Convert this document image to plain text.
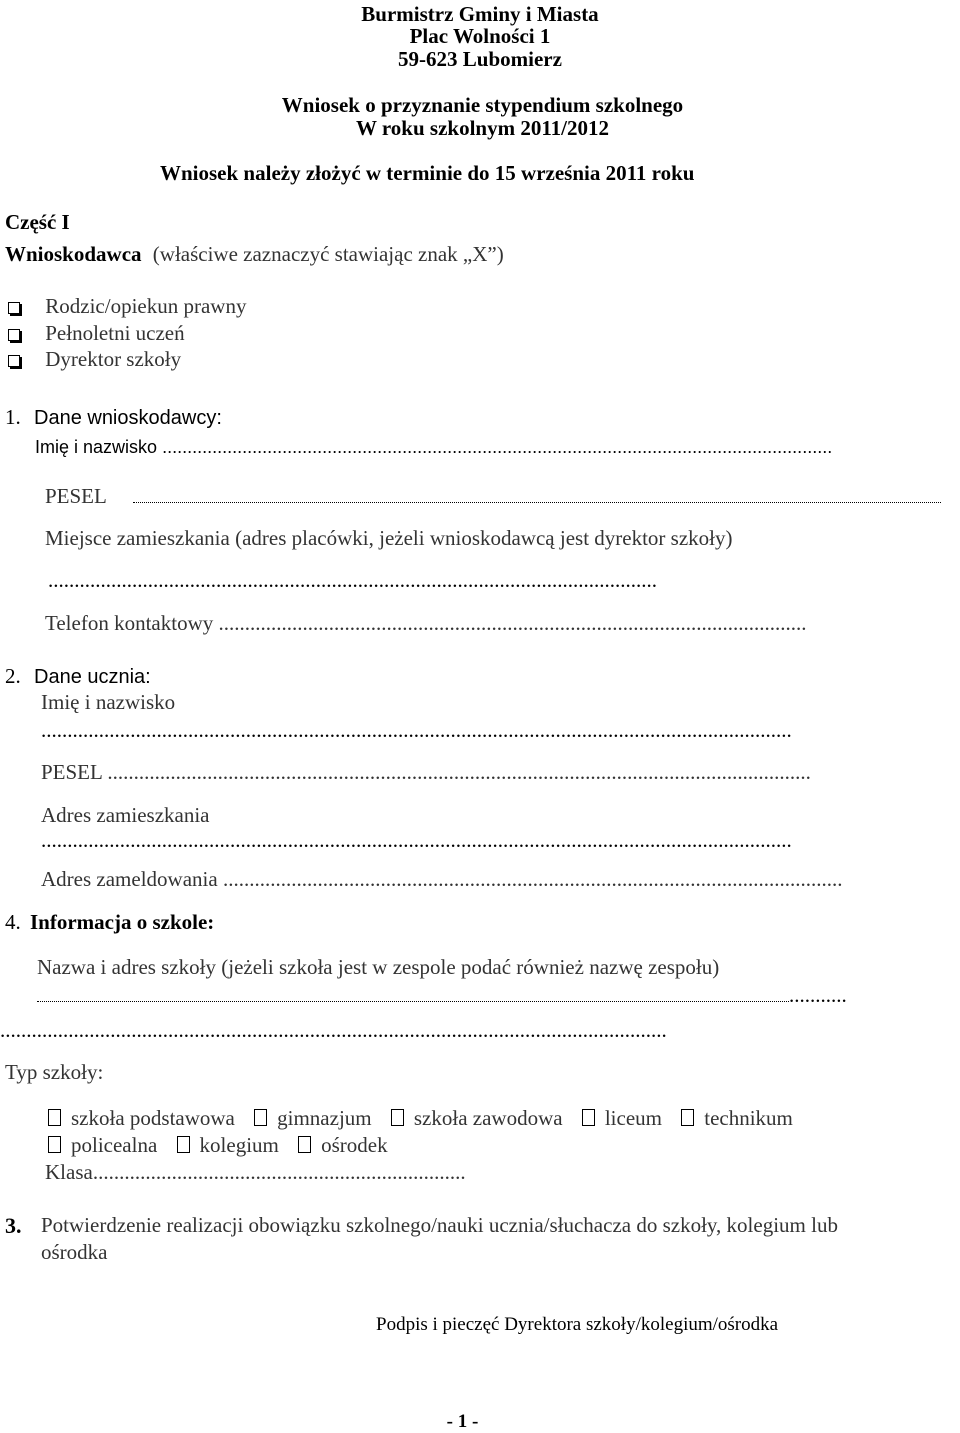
Burmistrz Gminy i Miasta
Plac Wolności 1
59-623 Lubomierz
Wniosek o przyznanie stypendium szkolnego
W roku szkolnym 2011/2012
Wniosek należy złożyć w terminie do 15 września 2011 roku
Część I
Wnioskodawca (właściwe zaznaczyć stawiając znak „X”)
Rodzic/opiekun prawny
Pełnoletni uczeń
Dyrektor szkoły
1. Dane wnioskodawcy:
Imię i nazwisko ......................................................................................................................................
PESEL
Miejsce zamieszkania (adres placówki, jeżeli wnioskodawcą jest dyrektor szkoły)
....................................................................................................................
Telefon kontaktowy ................................................................................................................
2. Dane ucznia:
Imię i nazwisko
...............................................................................................................................................
PESEL ......................................................................................................................................
Adres zamieszkania
...............................................................................................................................................
Adres zameldowania ......................................................................................................................
4. Informacja o szkole:
Nazwa i adres szkoły (jeżeli szkoła jest w zespole podać również nazwę zespołu)
...........
...............................................................................................................................
Typ szkoły:
szkoła podstawowa gimnazjum szkoła zawodowa liceum technikum
policealna kolegium ośrodek
Klasa.......................................................................
3. Potwierdzenie realizacji obowiązku szkolnego/nauki ucznia/słuchacza do szkoły, kolegium lub
ośrodka
Podpis i pieczęć Dyrektora szkoły/kolegium/ośrodka
- 1 -
